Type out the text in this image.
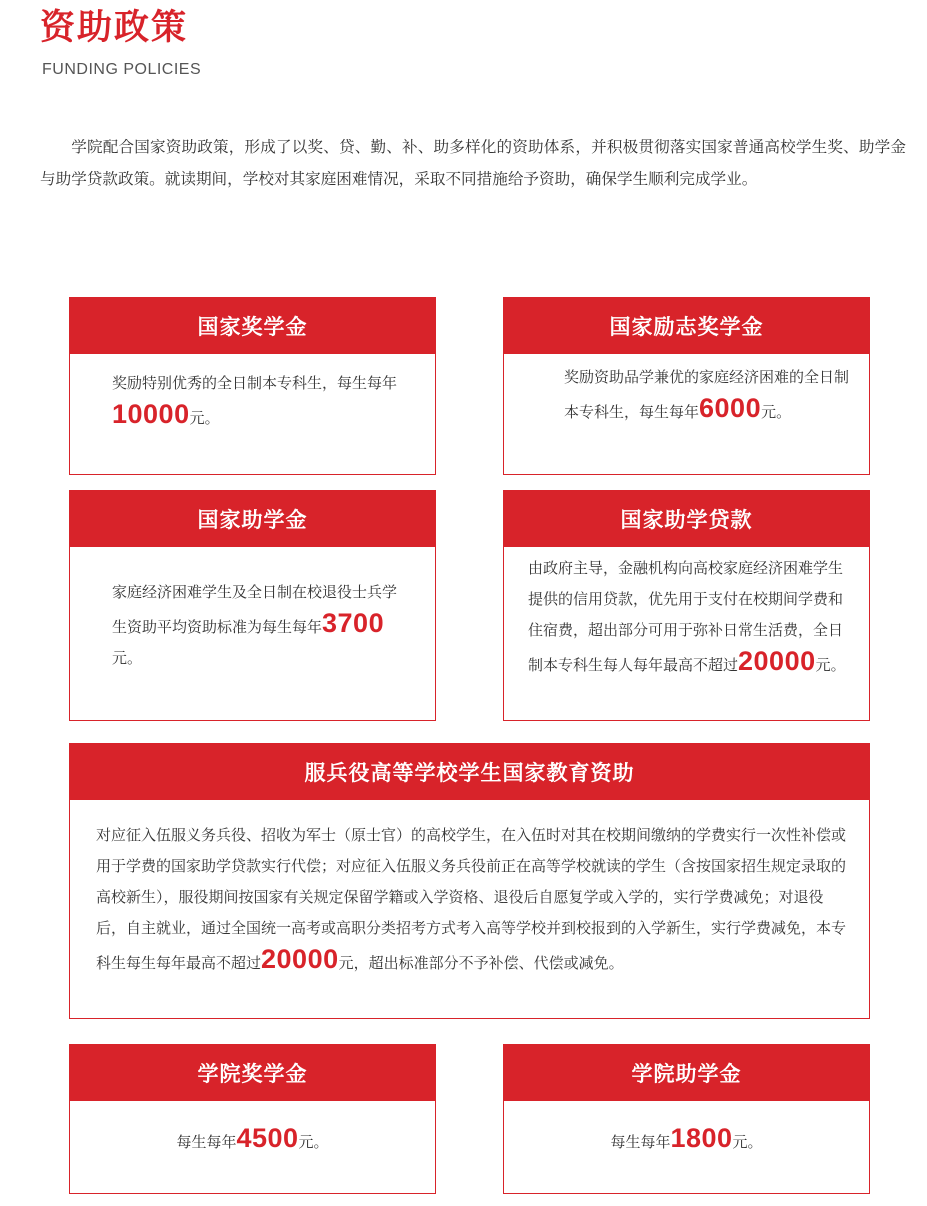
资助政策
FUNDING POLICIES

学院配合国家资助政策，形成了以奖、贷、勤、补、助多样化的资助体系，并积极贯彻落实国家普通高校学生奖、助学金与助学贷款政策。就读期间，学校对其家庭困难情况，采取不同措施给予资助，确保学生顺利完成学业。

国家奖学金

奖励特别优秀的全日制本专科生，每生每年10000元。

国家励志奖学金

奖励资助品学兼优的家庭经济困难的全日制本专科生，每生每年6000元。

国家助学金

家庭经济困难学生及全日制在校退役士兵学生资助平均资助标准为每生每年3700元。

国家助学贷款

由政府主导，金融机构向高校家庭经济困难学生提供的信用贷款，优先用于支付在校期间学费和住宿费，超出部分可用于弥补日常生活费，全日制本专科生每人每年最高不超过20000元。

服兵役高等学校学生国家教育资助

对应征入伍服义务兵役、招收为军士（原士官）的高校学生，在入伍时对其在校期间缴纳的学费实行一次性补偿或用于学费的国家助学贷款实行代偿；对应征入伍服义务兵役前正在高等学校就读的学生（含按国家招生规定录取的高校新生），服役期间按国家有关规定保留学籍或入学资格、退役后自愿复学或入学的，实行学费减免；对退役后，自主就业，通过全国统一高考或高职分类招考方式考入高等学校并到校报到的入学新生，实行学费减免，本专科生每生每年最高不超过20000元，超出标准部分不予补偿、代偿或减免。

学院奖学金

每生每年4500元。

学院助学金

每生每年1800元。
